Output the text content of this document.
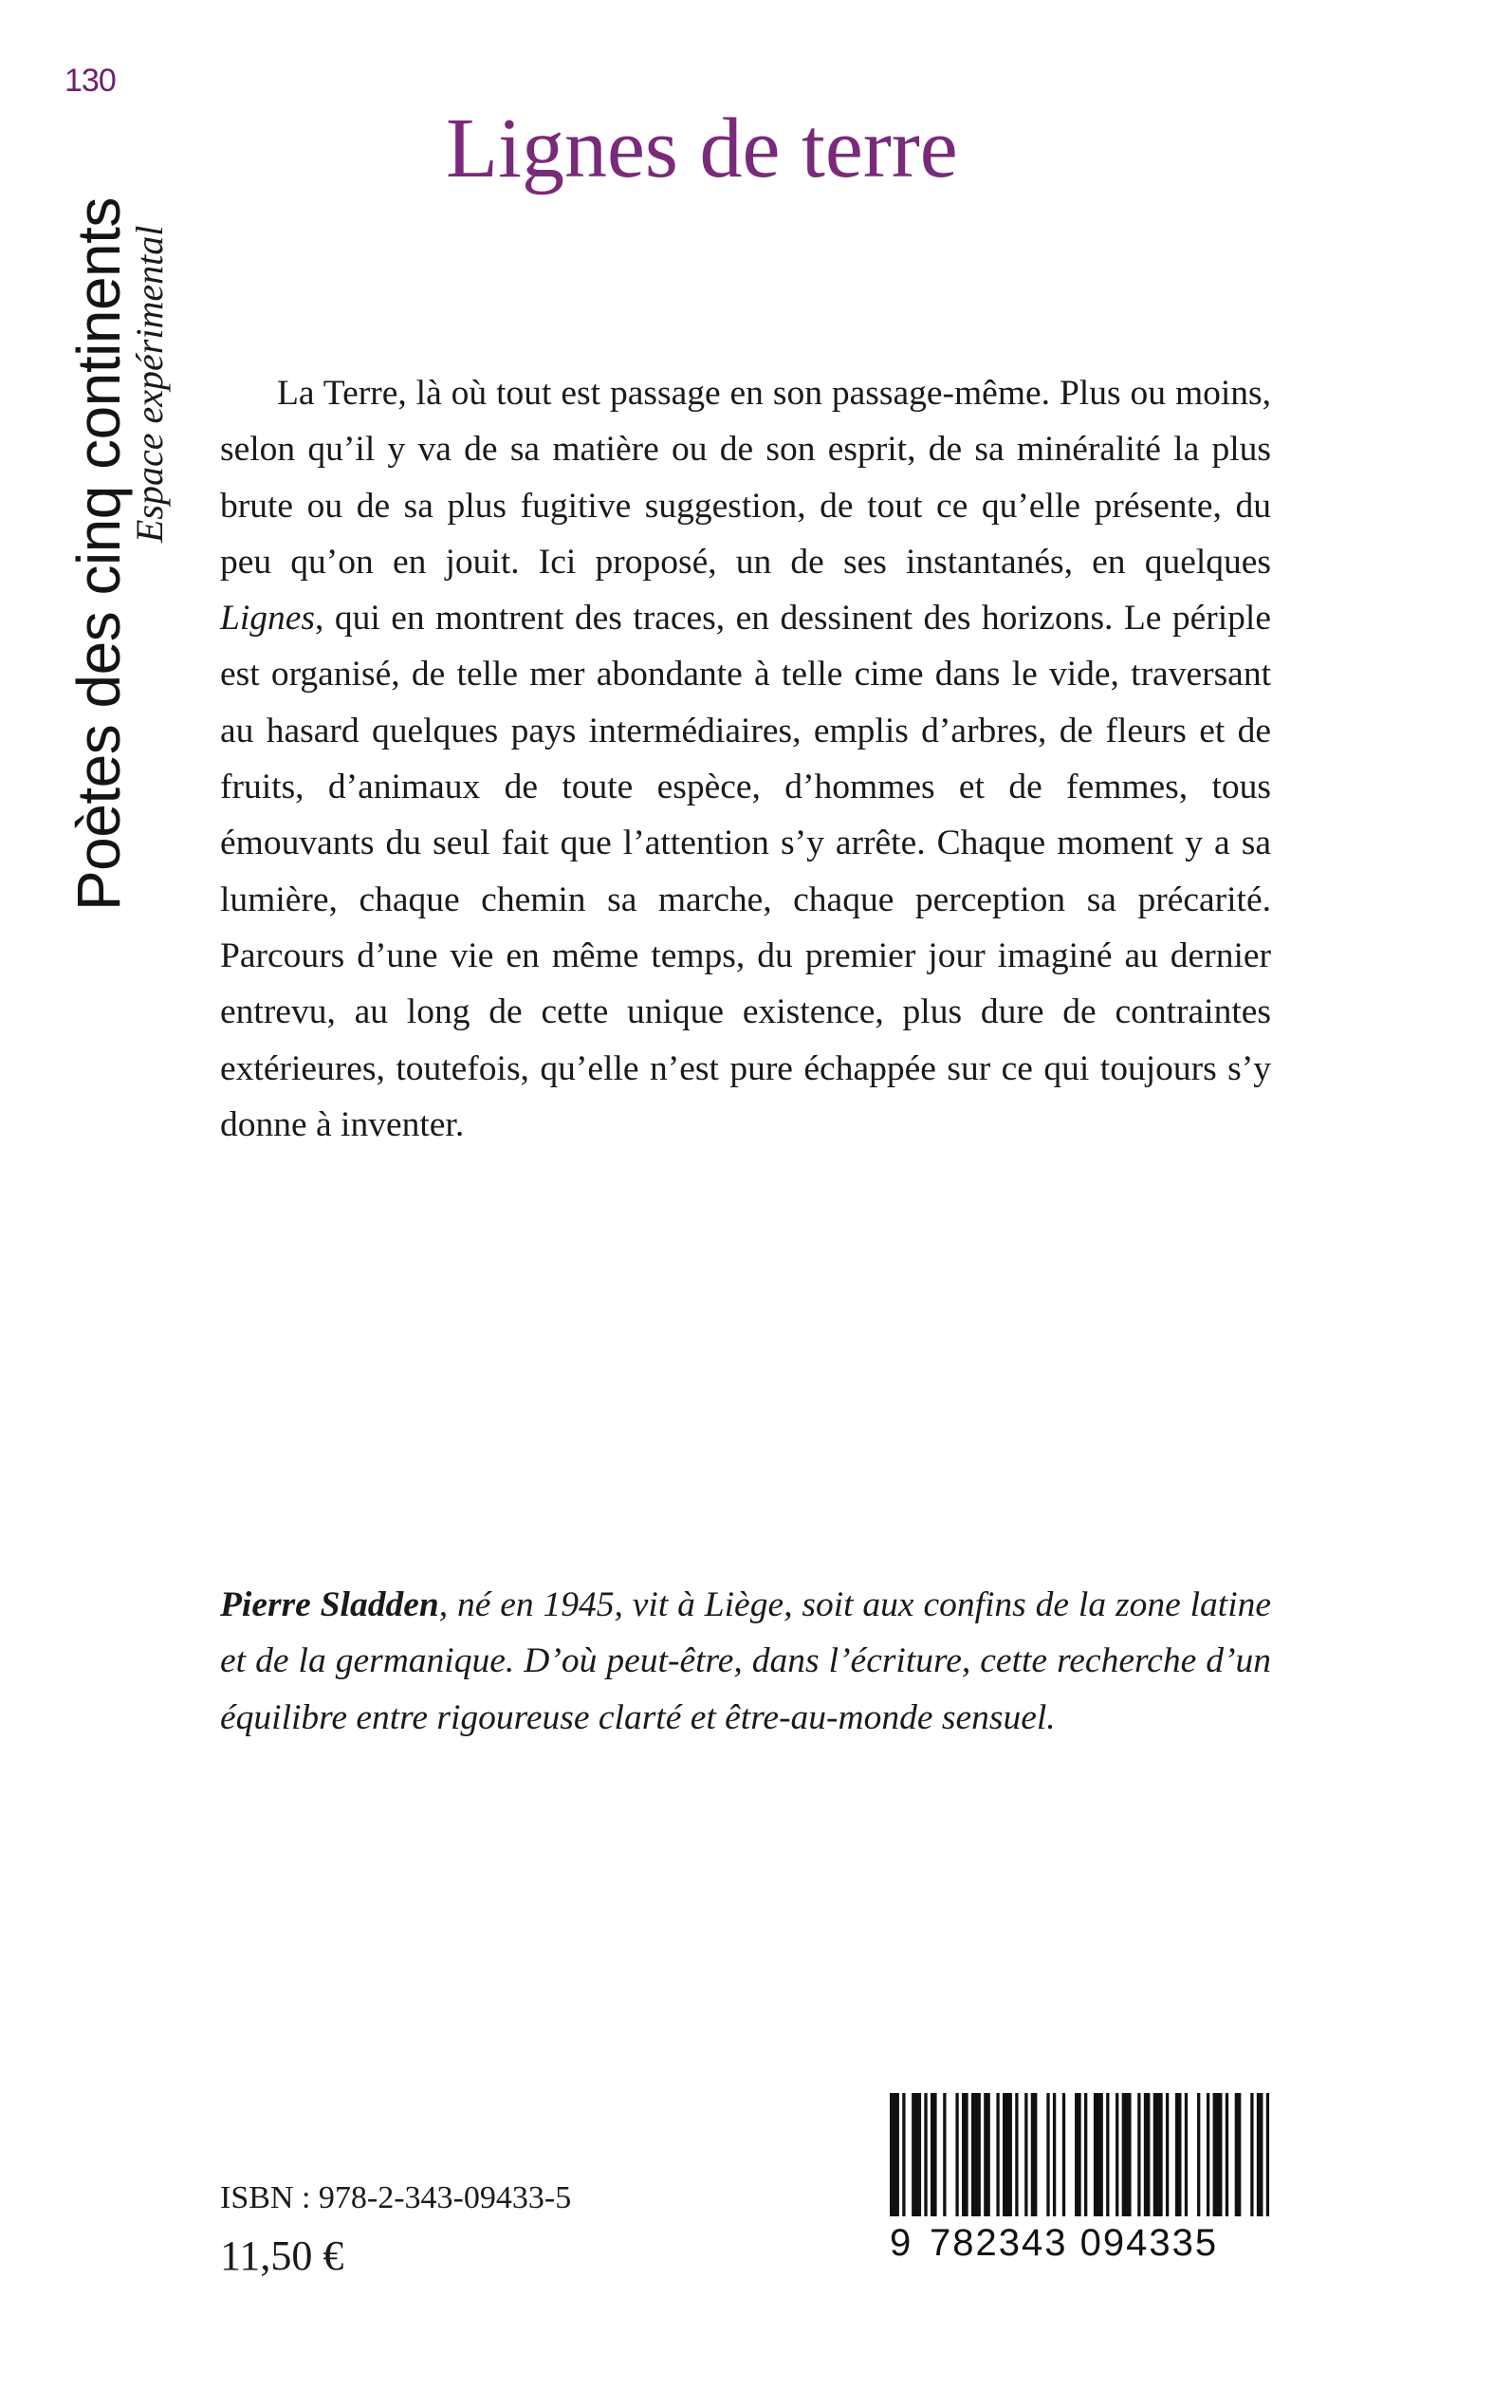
130
Poètes des cinq continents
Espace expérimental
Lignes de terre

La Terre, là où tout est passage en son passage-même. Plus ou moins, selon qu’il y va de sa matière ou de son esprit, de sa minéralité la plus brute ou de sa plus fugitive suggestion, de tout ce qu’elle présente, du peu qu’on en jouit. Ici proposé, un de ses instantanés, en quelques Lignes, qui en montrent des traces, en dessinent des horizons. Le périple est organisé, de telle mer abondante à telle cime dans le vide, traversant au hasard quelques pays intermédiaires, emplis d’arbres, de fleurs et de fruits, d’animaux de toute espèce, d’hommes et de femmes, tous émouvants du seul fait que l’attention s’y arrête. Chaque moment y a sa lumière, chaque chemin sa marche, chaque perception sa précarité. Parcours d’une vie en même temps, du premier jour imaginé au dernier entrevu, au long de cette unique existence, plus dure de contraintes extérieures, toutefois, qu’elle n’est pure échappée sur ce qui toujours s’y donne à inventer.

Pierre Sladden, né en 1945, vit à Liège, soit aux confins de la zone latine et de la germanique. D’où peut-être, dans l’écriture, cette recherche d’un équilibre entre rigoureuse clarté et être-au-monde sensuel.

ISBN : 978-2-343-09433-5
11,50 €	9 782343 094335
